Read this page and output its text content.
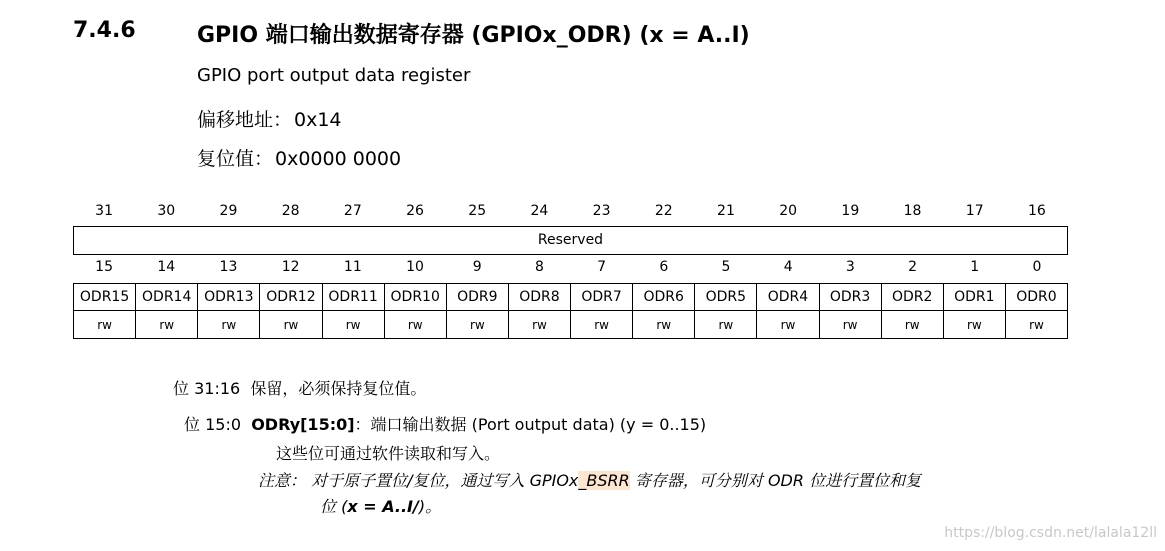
7.4.6	GPIO 端口输出数据寄存器 (GPIOx_ODR) (x = A..I)
GPIO port output data register
偏移地址： 0x14
复位值： 0x0000 0000
31	30	29	28	27	26	25	24	23	22	21	20	19	18	17	16
Reserved
15	14	13	12	11	10	9	8	7	6	5	4	3	2	1	0
ODR15	ODR14	ODR13	ODR12	ODR11	ODR10	ODR9	ODR8	ODR7	ODR6	ODR5	ODR4	ODR3	ODR2	ODR1	ODR0
rw	rw	rw	rw	rw	rw	rw	rw	rw	rw	rw	rw	rw	rw	rw	rw
位 31:16 保留，必须保持复位值。
位 15:0 ODRy[15:0]：端口输出数据 (Port output data) (y = 0..15)
这些位可通过软件读取和写入。
注意： 对于原子置位/复位，通过写入 GPIOx_BSRR 寄存器，可分别对 ODR 位进行置位和复
位 (x = A..I/)。
https://blog.csdn.net/lalala12ll
